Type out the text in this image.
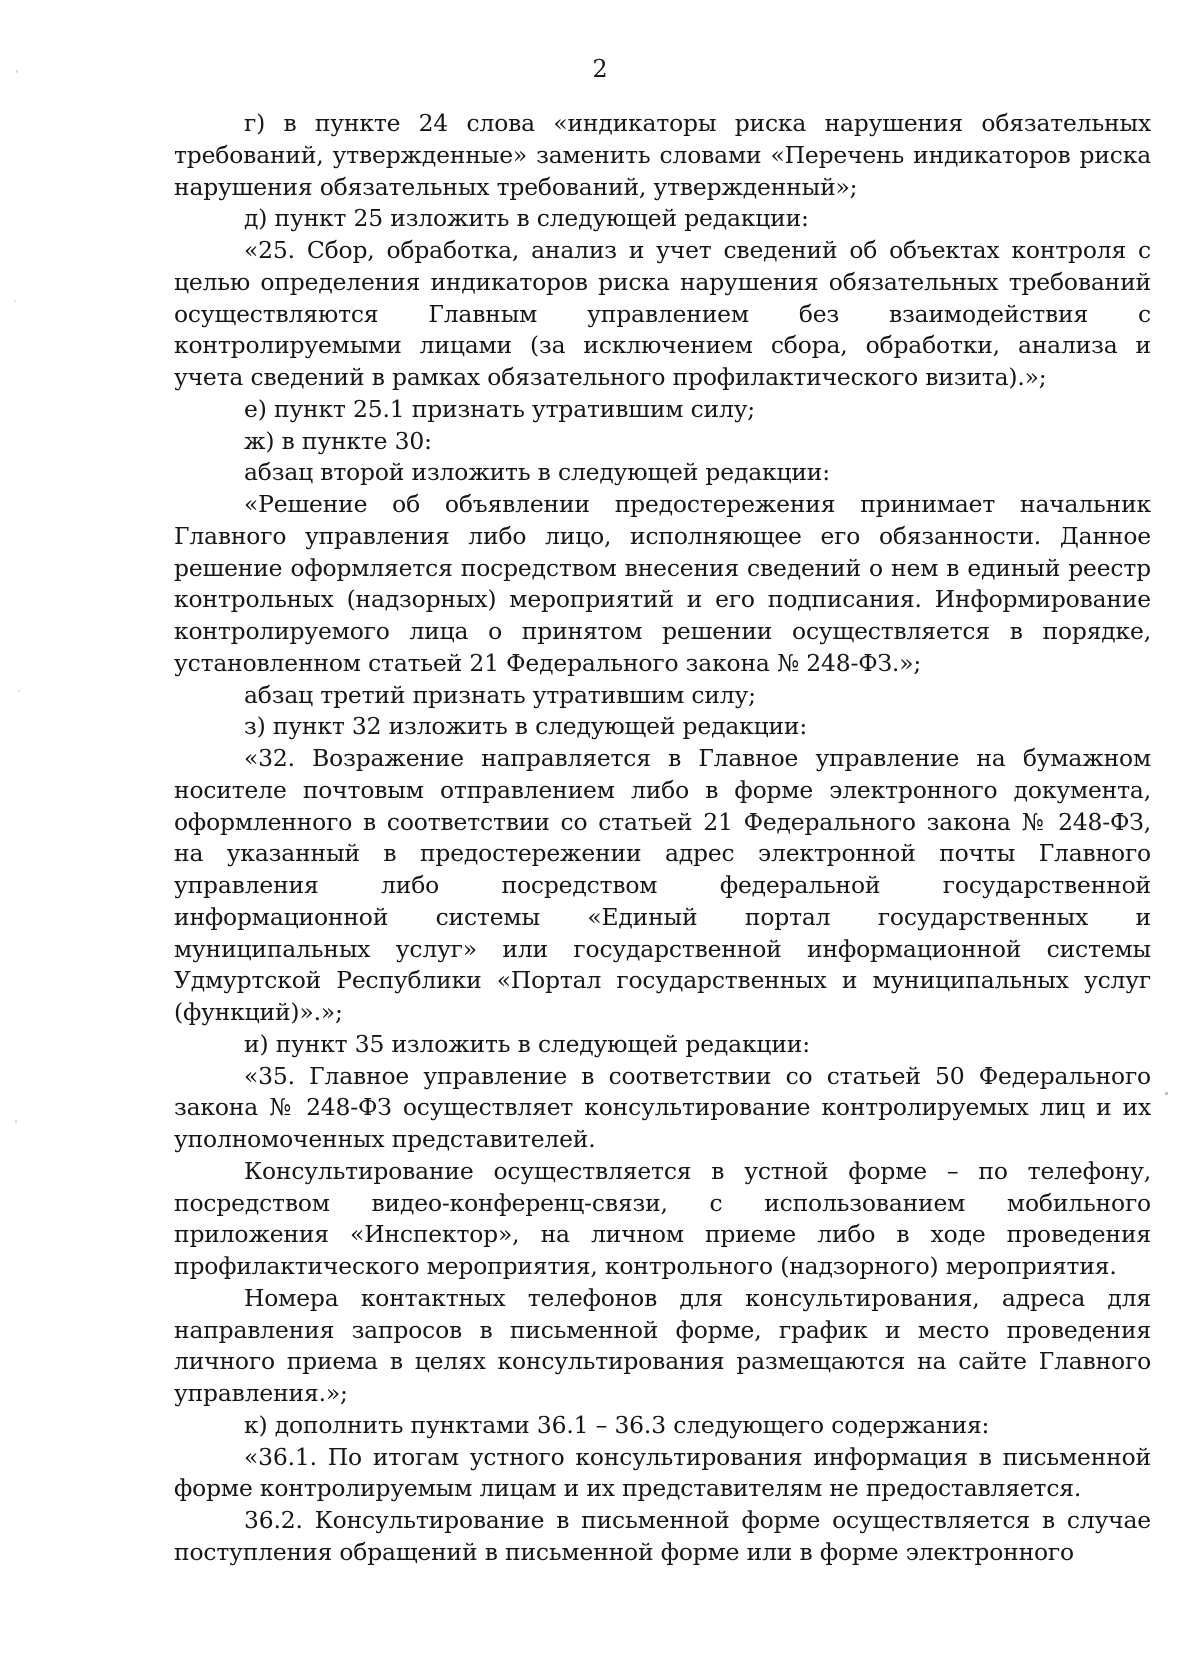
2

г) в пункте 24 слова «индикаторы риска нарушения обязательных требований, утвержденные» заменить словами «Перечень индикаторов риска нарушения обязательных требований, утвержденный»;

д) пункт 25 изложить в следующей редакции:

«25. Сбор, обработка, анализ и учет сведений об объектах контроля с целью определения индикаторов риска нарушения обязательных требований осуществляются Главным управлением без взаимодействия с контролируемыми лицами (за исключением сбора, обработки, анализа и учета сведений в рамках обязательного профилактического визита).»;

е) пункт 25.1 признать утратившим силу;

ж) в пункте 30:

абзац второй изложить в следующей редакции:

«Решение об объявлении предостережения принимает начальник Главного управления либо лицо, исполняющее его обязанности. Данное решение оформляется посредством внесения сведений о нем в единый реестр контрольных (надзорных) мероприятий и его подписания. Информирование контролируемого лица о принятом решении осуществляется в порядке, установленном статьей 21 Федерального закона № 248-ФЗ.»;

абзац третий признать утратившим силу;

з) пункт 32 изложить в следующей редакции:

«32. Возражение направляется в Главное управление на бумажном носителе почтовым отправлением либо в форме электронного документа, оформленного в соответствии со статьей 21 Федерального закона № 248-ФЗ, на указанный в предостережении адрес электронной почты Главного управления либо посредством федеральной государственной информационной системы «Единый портал государственных и муниципальных услуг» или государственной информационной системы Удмуртской Республики «Портал государственных и муниципальных услуг (функций)».»;

и) пункт 35 изложить в следующей редакции:

«35. Главное управление в соответствии со статьей 50 Федерального закона № 248-ФЗ осуществляет консультирование контролируемых лиц и их уполномоченных представителей.

Консультирование осуществляется в устной форме – по телефону, посредством видео-конференц-связи, с использованием мобильного приложения «Инспектор», на личном приеме либо в ходе проведения профилактического мероприятия, контрольного (надзорного) мероприятия.

Номера контактных телефонов для консультирования, адреса для направления запросов в письменной форме, график и место проведения личного приема в целях консультирования размещаются на сайте Главного управления.»;

к) дополнить пунктами 36.1 – 36.3 следующего содержания:

«36.1. По итогам устного консультирования информация в письменной форме контролируемым лицам и их представителям не предоставляется.

36.2. Консультирование в письменной форме осуществляется в случае поступления обращений в письменной форме или в форме электронного
